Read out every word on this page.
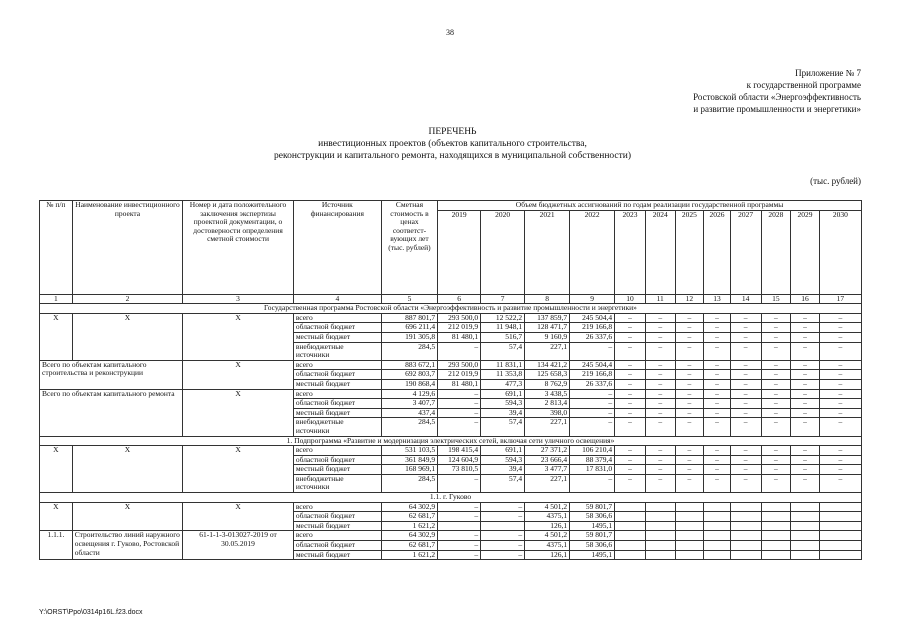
38
Приложение № 7
к государственной программе
Ростовской области «Энергоэффективность
и развитие промышленности и энергетики»
ПЕРЕЧЕНЬ
инвестиционных проектов (объектов капитального строительства,
реконструкции и капитального ремонта, находящихся в муниципальной собственности)
(тыс. рублей)
№ п/п	Наименование инвестиционного проекта	Номер и дата положительного заключения экспертизы проектной документации, о достоверности определения сметной стоимости	Источник финансирования	Сметная стоимость в ценах соответст-вующих лет (тыс. рублей)	Объем бюджетных ассигнований по годам реализации государственной программы											
					2019	2020	2021	2022	2023	2024	2025	2026	2027	2028	2029	2030
1	2	3	4	5	6	7	8	9	10	11	12	13	14	15	16	17
Государственная программа Ростовской области «Энергоэффективность и развитие промышленности и энергетики»																
Х	Х	Х	всего	887 801,7	293 500,0	12 522,2	137 859,7	245 504,4	–	–	–	–	–	–	–	–
			областной бюджет	696 211,4	212 019,9	11 948,1	128 471,7	219 166,8	–	–	–	–	–	–	–	–
			местный бюджет	191 305,8	81 480,1	516,7	9 160,9	26 337,6	–	–	–	–	–	–	–	–
			внебюджетные источники	284,5	–	57,4	227,1	–	–	–	–	–	–	–	–	–
Всего по объектам капитального строительства и реконструкции		Х	всего	883 672,1	293 500,0	11 831,1	134 421,2	245 504,4	–	–	–	–	–	–	–	–
			областной бюджет	692 803,7	212 019,9	11 353,8	125 658,3	219 166,8	–	–	–	–	–	–	–	–
			местный бюджет	190 868,4	81 480,1	477,3	8 762,9	26 337,6	–	–	–	–	–	–	–	–
Всего по объектам капитального ремонта		Х	всего	4 129,6	–	691,1	3 438,5	–	–	–	–	–	–	–	–	–
			областной бюджет	3 407,7	–	594,3	2 813,4	–	–	–	–	–	–	–	–	–
			местный бюджет	437,4	–	39,4	398,0	–	–	–	–	–	–	–	–	–
			внебюджетные источники	284,5	–	57,4	227,1	–	–	–	–	–	–	–	–	–
1. Подпрограмма «Развитие и модернизация электрических сетей, включая сети уличного освещения»																
Х	Х	Х	всего	531 103,5	198 415,4	691,1	27 371,2	106 210,4	–	–	–	–	–	–	–	–
			областной бюджет	361 849,9	124 604,9	594,3	23 666,4	88 379,4	–	–	–	–	–	–	–	–
			местный бюджет	168 969,1	73 810,5	39,4	3 477,7	17 831,0	–	–	–	–	–	–	–	–
			внебюджетные источники	284,5	–	57,4	227,1	–	–	–	–	–	–	–	–	–
1.1. г. Гуково																
Х	Х	Х	всего	64 302,9	–	–	4 501,2	59 801,7								
			областной бюджет	62 681,7	–	–	4375,1	58 306,6								
			местный бюджет	1 621,2			126,1	1495,1								
1.1.1.	Строительство линий наружного освещения г. Гуково, Ростовской области	61-1-1-3-013027-2019 от 30.05.2019	всего	64 302,9	–	–	4 501,2	59 801,7								
			областной бюджет	62 681,7	–	–	4375,1	58 306,6								
			местный бюджет	1 621,2	–	–	126,1	1495,1								
Y:\ORST\Ppo\0314p16L.f23.docx
